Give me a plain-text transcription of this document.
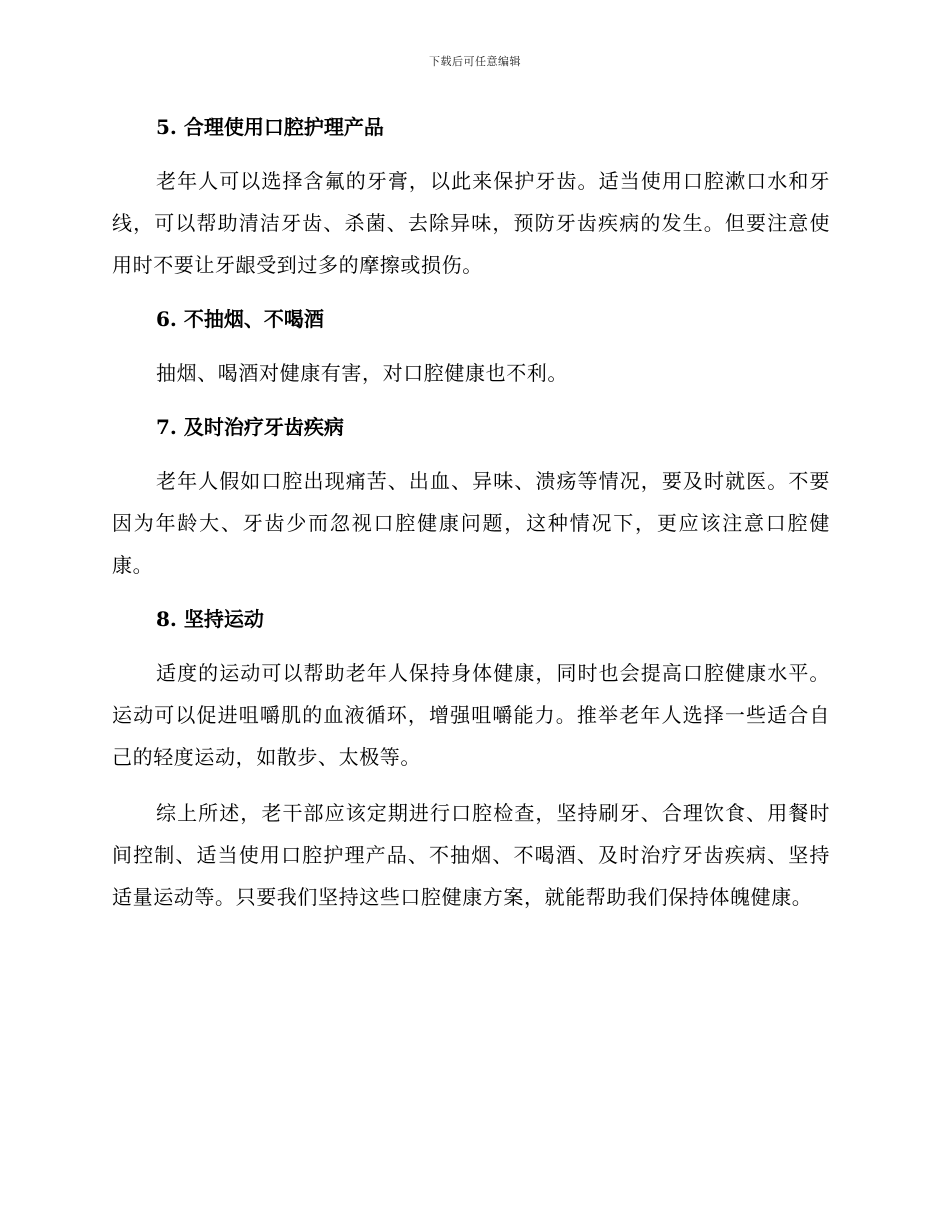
下载后可任意编辑
5. 合理使用口腔护理产品

老年人可以选择含氟的牙膏，以此来保护牙齿。适当使用口腔漱口水和牙线，可以帮助清洁牙齿、杀菌、去除异味，预防牙齿疾病的发生。但要注意使用时不要让牙龈受到过多的摩擦或损伤。

6. 不抽烟、不喝酒

抽烟、喝酒对健康有害，对口腔健康也不利。

7. 及时治疗牙齿疾病

老年人假如口腔出现痛苦、出血、异味、溃疡等情况，要及时就医。不要因为年龄大、牙齿少而忽视口腔健康问题，这种情况下，更应该注意口腔健康。

8. 坚持运动

适度的运动可以帮助老年人保持身体健康，同时也会提高口腔健康水平。运动可以促进咀嚼肌的血液循环，增强咀嚼能力。推举老年人选择一些适合自己的轻度运动，如散步、太极等。

综上所述，老干部应该定期进行口腔检查，坚持刷牙、合理饮食、用餐时间控制、适当使用口腔护理产品、不抽烟、不喝酒、及时治疗牙齿疾病、坚持适量运动等。只要我们坚持这些口腔健康方案，就能帮助我们保持体魄健康。
